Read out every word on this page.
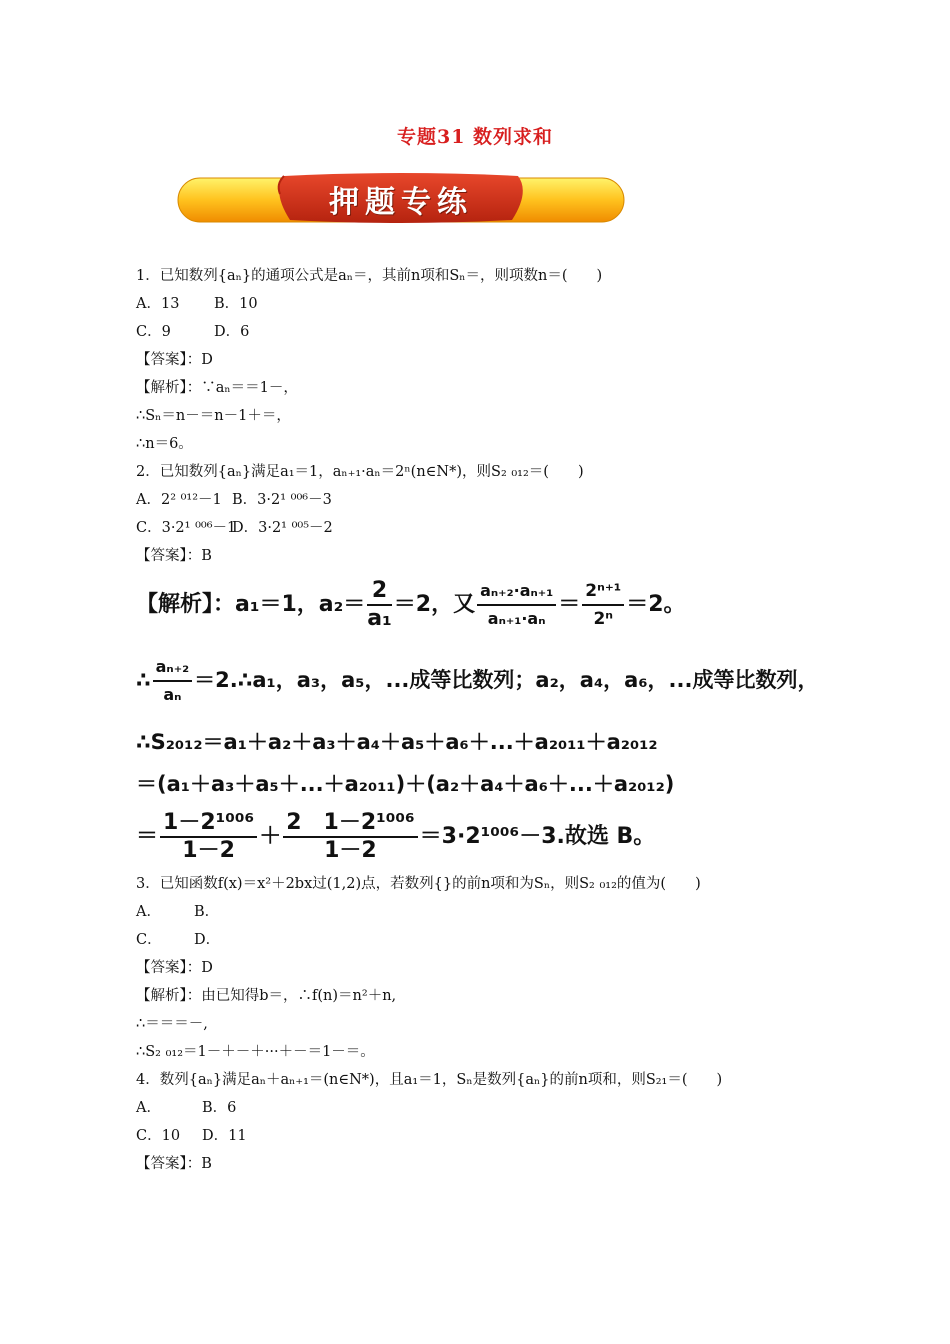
专题31 数列求和
押题专练
1．已知数列{aₙ}的通项公式是aₙ＝，其前n项和Sₙ＝，则项数n＝(　　)
A．13 B．10
C．9	D．6
【答案】：D
【解析】：∵aₙ＝＝1－，
∴Sₙ＝n－＝n－1＋＝，
∴n＝6。
2．已知数列{aₙ}满足a₁＝1，aₙ₊₁·aₙ＝2ⁿ(n∈N*)，则S₂ ₀₁₂＝(　　)
A．2² ⁰¹²－1 B．3·2¹ ⁰⁰⁶－3
C．3·2¹ ⁰⁰⁶－1D．3·2¹ ⁰⁰⁵－2
【答案】：B
【解析】：a₁＝1，$a_2= \frac{2}{\text{a₁}} =2$，又 $\frac{\text{aₙ₊₂·aₙ₊₁}}{\text{aₙ₊₁·aₙ}} = \frac{\text{2ⁿ⁺¹}}{\text{2ⁿ}} =2$。
∴ $\frac{\text{aₙ₊₂}}{\text{aₙ}}$ ＝2.∴a₁，a₃，a₅，...成等比数列；a₂，a₄，a₆，...成等比数列，
∴S₂₀₁₂＝a₁＋a₂＋a₃＋a₄＋a₅＋a₆＋...＋a₂₀₁₁＋a₂₀₁₂
＝(a₁＋a₃＋a₅＋...＋a₂₀₁₁)＋(a₂＋a₄＋a₆＋...＋a₂₀₁₂)
＝ $\frac{\text{1－2¹⁰⁰⁶}}{1-2} + \frac{\text{2　1－2¹⁰⁰⁶}}{1-2} =3\cdot 2^{1006}-3$.故选 B。
3．已知函数f(x)＝x²＋2bx过(1,2)点，若数列{}的前n项和为Sₙ，则S₂ ₀₁₂的值为(　　)
A． B．
C． D．
【答案】：D
【解析】：由已知得b＝，∴f(n)＝n²＋n,
∴＝＝＝－,
∴S₂ ₀₁₂＝1－＋－＋···＋－＝1－＝。
4．数列{aₙ}满足aₙ＋aₙ₊₁＝(n∈N*)，且a₁＝1，Sₙ是数列{aₙ}的前n项和，则S₂₁＝(　　)
A．	B．6
C．10 D．11
【答案】：B
